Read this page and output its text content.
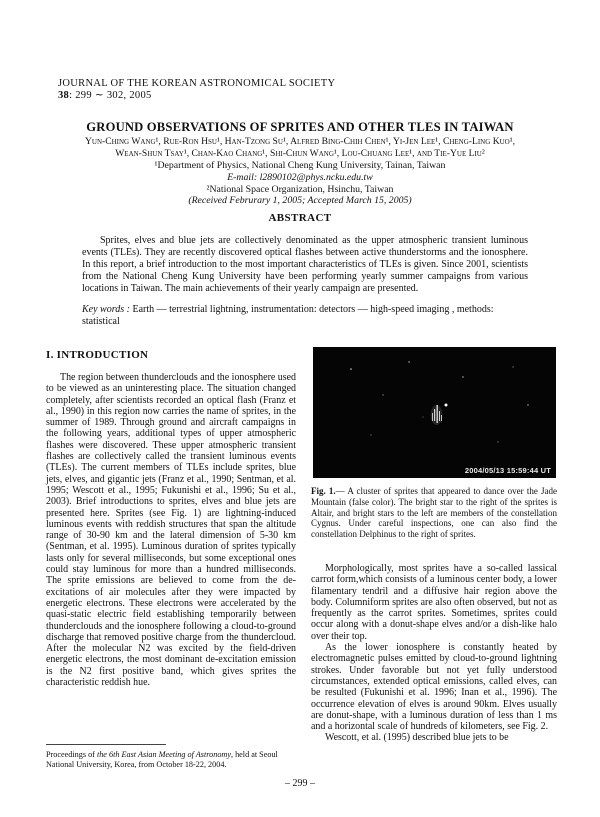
JOURNAL OF THE KOREAN ASTRONOMICAL SOCIETY
38: 299 ∼ 302, 2005
GROUND OBSERVATIONS OF SPRITES AND OTHER TLES IN TAIWAN
Yun-Ching Wang¹, Rue-Ron Hsu¹, Han-Tzong Su¹, Alfred Bing-Chih Chen¹, Yi-Jen Lee¹, Cheng-Ling Kuo¹,
Wean-Shun Tsay¹, Chan-Kao Chang¹, Shi-Chun Wang¹, Lou-Chuang Lee¹, and Tie-Yue Liu²
¹Department of Physics, National Cheng Kung University, Tainan, Taiwan
E-mail: l2890102@phys.ncku.edu.tw
²National Space Organization, Hsinchu, Taiwan
(Received Februrary 1, 2005; Accepted March 15, 2005)
ABSTRACT
Sprites, elves and blue jets are collectively denominated as the upper atmospheric transient luminous events (TLEs). They are recently discovered optical flashes between active thunderstorms and the ionosphere. In this report, a brief introduction to the most important characteristics of TLEs is given. Since 2001, scientists from the National Cheng Kung University have been performing yearly summer campaigns from various locations in Taiwan. The main achievements of their yearly campaign are presented.
Key words : Earth — terrestrial lightning, instrumentation: detectors — high-speed imaging , methods: statistical
I. INTRODUCTION
The region between thunderclouds and the ionosphere used to be viewed as an uninteresting place. The situation changed completely, after scientists recorded an optical flash (Franz et al., 1990) in this region now carries the name of sprites, in the summer of 1989. Through ground and aircraft campaigns in the following years, additional types of upper atmospheric flashes were discovered. These upper atmospheric transient flashes are collectively called the transient luminous events (TLEs). The current members of TLEs include sprites, blue jets, elves, and gigantic jets (Franz et al., 1990; Sentman, et al. 1995; Wescott et al., 1995; Fukunishi et al., 1996; Su et al., 2003). Brief introductions to sprites, elves and blue jets are presented here. Sprites (see Fig. 1) are lightning-induced luminous events with reddish structures that span the altitude range of 30-90 km and the lateral dimension of 5-30 km (Sentman, et al. 1995). Luminous duration of sprites typically lasts only for several milliseconds, but some exceptional ones could stay luminous for more than a hundred milliseconds. The sprite emissions are believed to come from the de-excitations of air molecules after they were impacted by energetic electrons. These electrons were accelerated by the quasi-static electric field establishing temporarily between thunderclouds and the ionosphere following a cloud-to-ground discharge that removed positive charge from the thundercloud. After the molecular N2 was excited by the field-driven energetic electrons, the most dominant de-excitation emission is the N2 first positive band, which gives sprites the characteristic reddish hue.
2004/05/13 15:59:44 UT
Fig. 1.— A cluster of sprites that appeared to dance over the Jade Mountain (false color). The bright star to the right of the sprites is Altair, and bright stars to the left are members of the constellation Cygnus. Under careful inspections, one can also find the constellation Delphinus to the right of sprites.

Morphologically, most sprites have a so-called lassical carrot form,which consists of a luminous center body, a lower filamentary tendril and a diffusive hair region above the body. Columniform sprites are also often observed, but not as frequently as the carrot sprites. Sometimes, sprites could occur along with a donut-shape elves and/or a dish-like halo over their top.

As the lower ionosphere is constantly heated by electromagnetic pulses emitted by cloud-to-ground lightning strokes. Under favorable but not yet fully understood circumstances, extended optical emissions, called elves, can be resulted (Fukunishi et al. 1996; Inan et al., 1996). The occurrence elevation of elves is around 90km. Elves usually are donut-shape, with a luminous duration of less than 1 ms and a horizontal scale of hundreds of kilometers, see Fig. 2.

Wescott, et al. (1995) described blue jets to be

Proceedings of the 6th East Asian Meeting of Astronomy, held at Seoul National University, Korea, from October 18-22, 2004.
– 299 –
